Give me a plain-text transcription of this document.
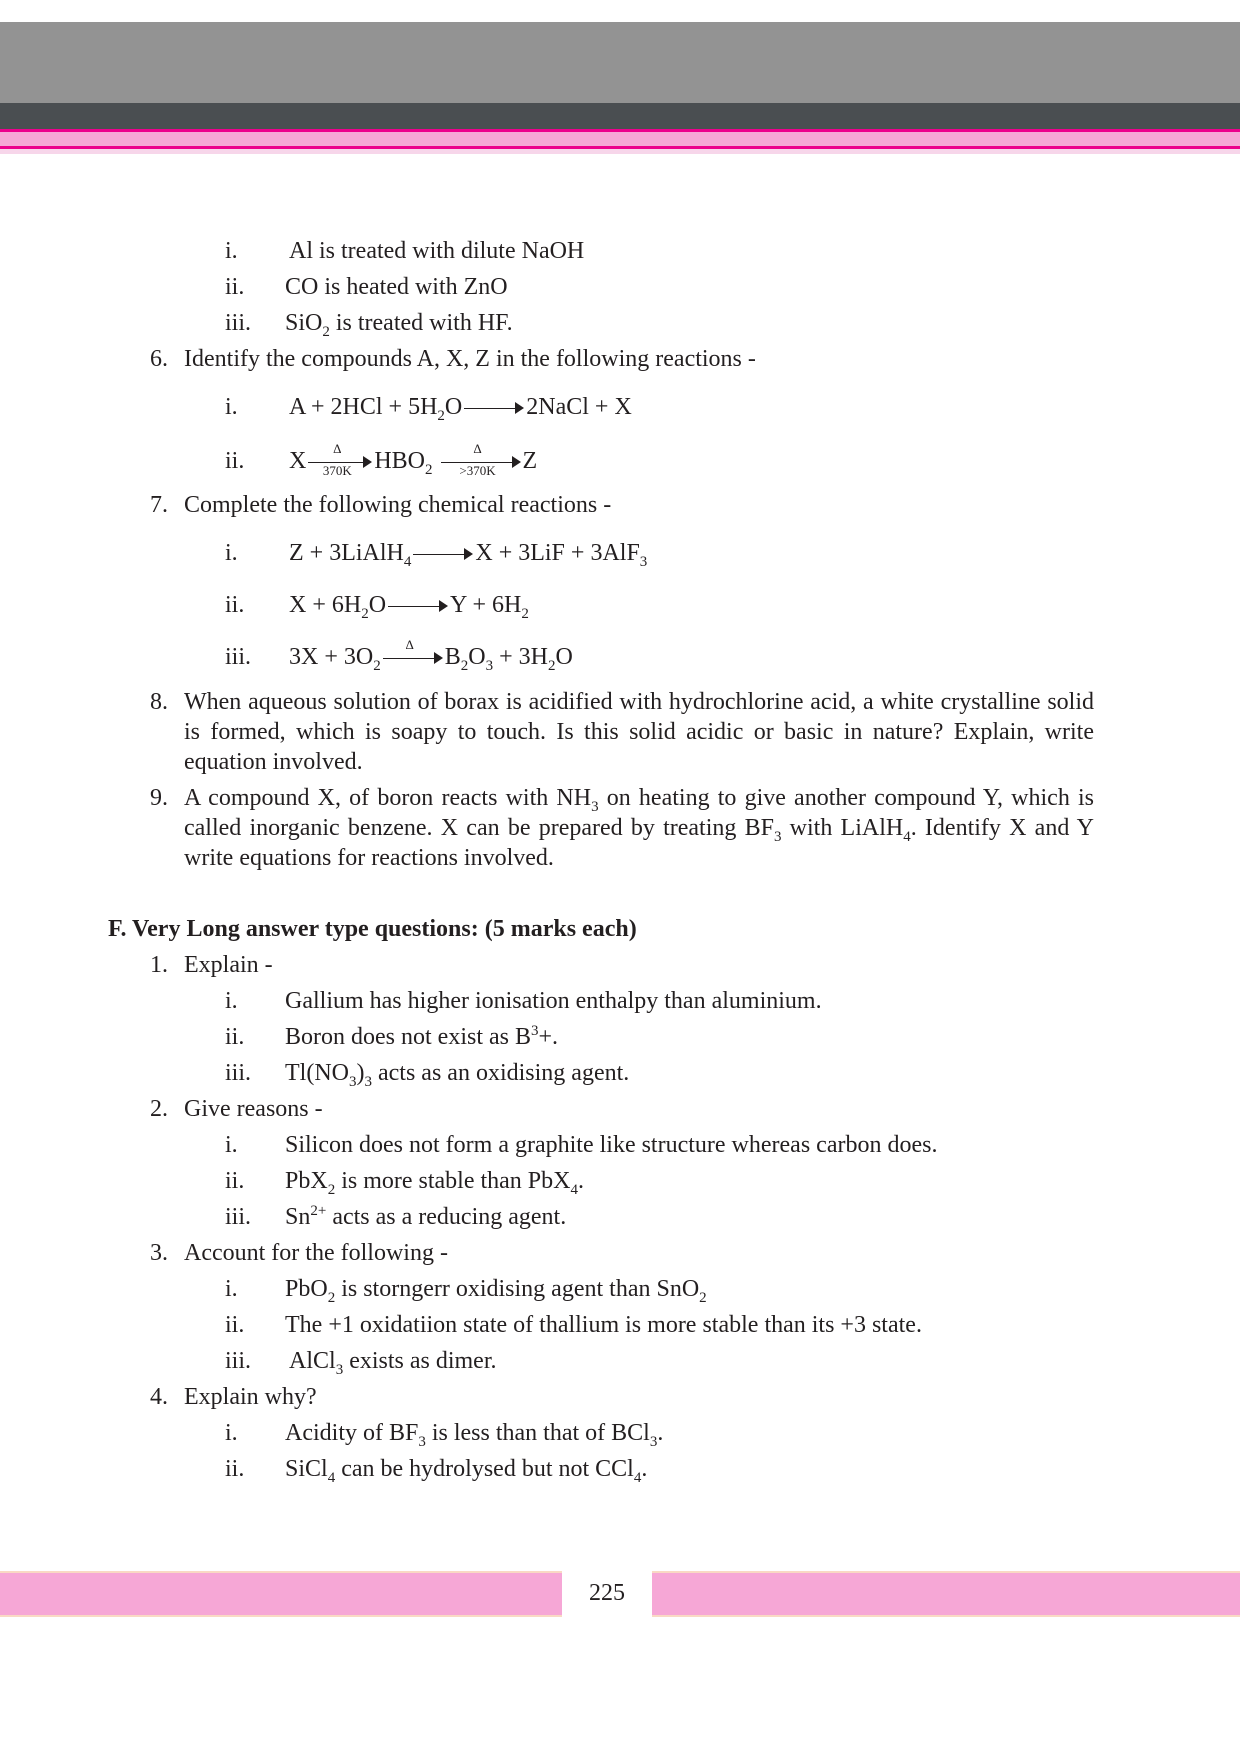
i. Al is treated with dilute NaOH
ii. CO is heated with ZnO
iii. SiO$_2$ is treated with HF.
6. Identify the compounds A, X, Z in the following reactions -
i. $A + 2HCl + 5H_2O$	2NaCl + X
ii. X	Δ
370K $HBO_2$
Δ
>370K	Z
7. Complete the following chemical reactions -
i. Z + 3LiAlH$_4$	X + 3LiF + 3AlF$_3$
ii. $X + 6H_2O$	$Y + 6H_2$
iii. $3X + 3O_2$
Δ	$B_2O_3 + 3H_2O$
8. When aqueous solution of borax is acidified with hydrochlorine acid, a white crystalline solid is formed, which is soapy to touch. Is this solid acidic or basic in nature? Explain, write equation involved.
9. A compound X, of boron reacts with $NH_3$ on heating to give another compound Y, which is called inorganic benzene. X can be prepared by treating $BF_3$ with LiAlH$_4$. Identify X and Y write equations for reactions involved.
F. Very Long answer type questions: (5 marks each)
1. Explain -
i. Gallium has higher ionisation enthalpy than aluminium.
ii. Boron does not exist as $B^3+$.
iii. $Tl(NO_3)_3$ acts as an oxidising agent.
2. Give reasons -
i. Silicon does not form a graphite like structure whereas carbon does.
ii. PbX$_2$ is more stable than PbX$_4$.
iii. $Sn^{2+}$ acts as a reducing agent.
3. Account for the following -
i. PbO$_2$ is storngerr oxidising agent than SnO$_2$
ii. The +1 oxidatiion state of thallium is more stable than its +3 state.
iii. AlCl$_3$ exists as dimer.
4. Explain why?
i. Acidity of $BF_3$ is less than that of BCl$_3$.
ii. SiCl$_4$ can be hydrolysed but not CCl$_4$.
225
